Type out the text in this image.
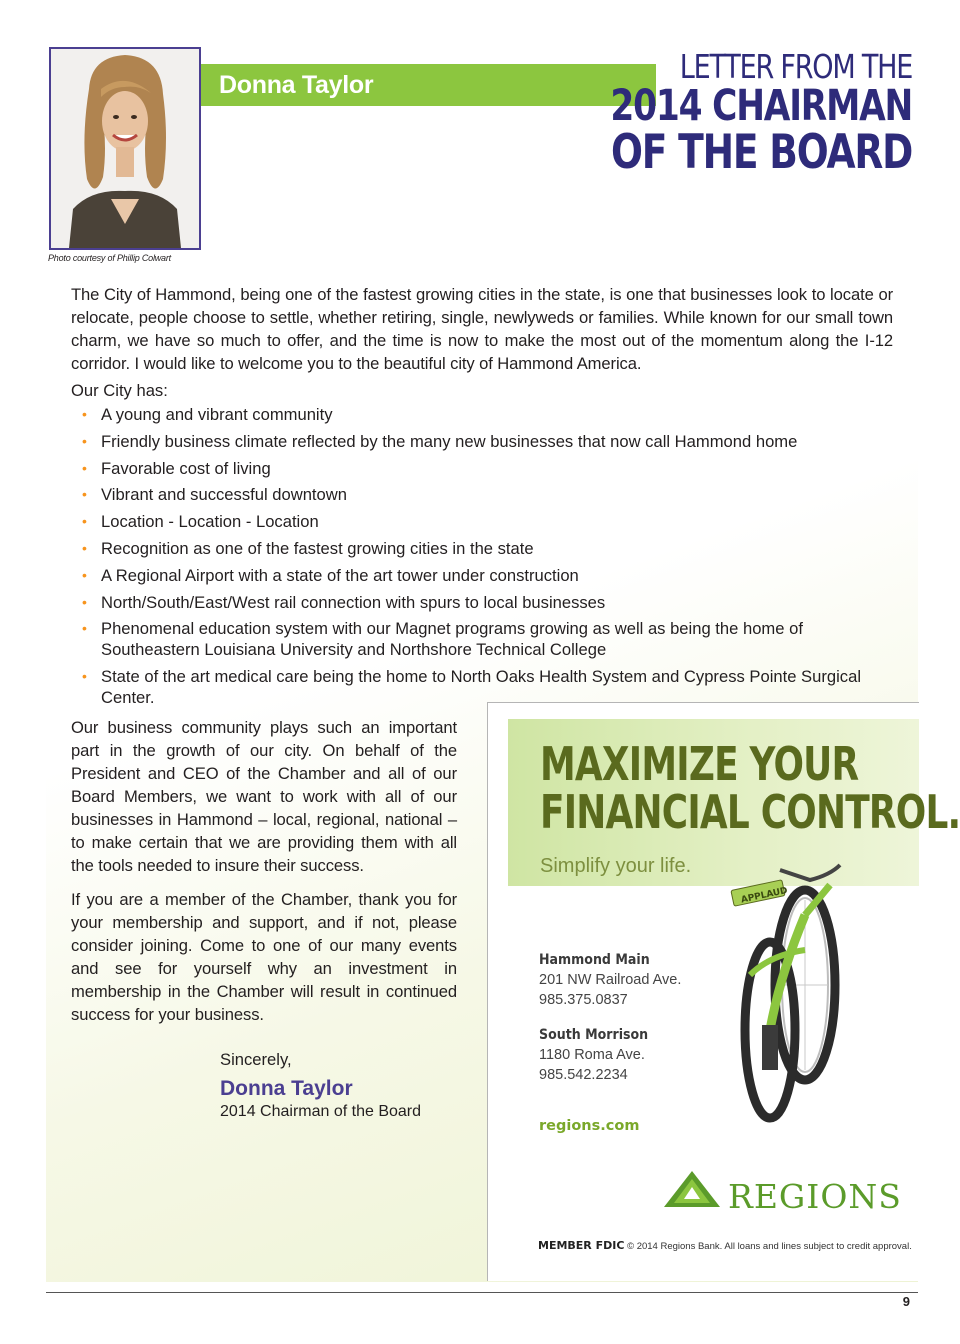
Photo courtesy of Phillip Colwart
Donna Taylor	LETTER FROM THE
2014 CHAIRMAN
OF THE BOARD
The City of Hammond, being one of the fastest growing cities in the state, is one that businesses look to locate or relocate, people choose to settle, whether retiring, single, newlyweds or families. While known for our small town charm, we have so much to offer, and the time is now to make the most out of the momentum along the I-12 corridor. I would like to welcome you to the beautiful city of Hammond America.
Our City has:
• A young and vibrant community
• Friendly business climate reflected by the many new businesses that now call Hammond home
• Favorable cost of living
• Vibrant and successful downtown
• Location - Location - Location
• Recognition as one of the fastest growing cities in the state
• A Regional Airport with a state of the art tower under construction
• North/South/East/West rail connection with spurs to local businesses
• Phenomenal education system with our Magnet programs growing as well as being the home of Southeastern Louisiana University and Northshore Technical College
• State of the art medical care being the home to North Oaks Health System and Cypress Pointe Surgical Center.

Our business community plays such an important part in the growth of our city. On behalf of the President and CEO of the Chamber and all of our Board Members, we want to work with all of our businesses in Hammond – local, regional, national – to make certain that we are providing them with all the tools needed to insure their success.

If you are a member of the Chamber, thank you for your membership and support, and if not, please consider joining. Come to one of our many events and see for yourself why an investment in membership in the Chamber will result in continued success for your business.

Sincerely,
Donna Taylor
2014 Chairman of the Board
MAXIMIZE YOUR
FINANCIAL CONTROL.
Simplify your life.
APPLAUD
Hammond Main
201 NW Railroad Ave.
985.375.0837
South Morrison
1180 Roma Ave.
985.542.2234
regions.com
REGIONS
MEMBER FDIC © 2014 Regions Bank. All loans and lines subject to credit approval.
9
